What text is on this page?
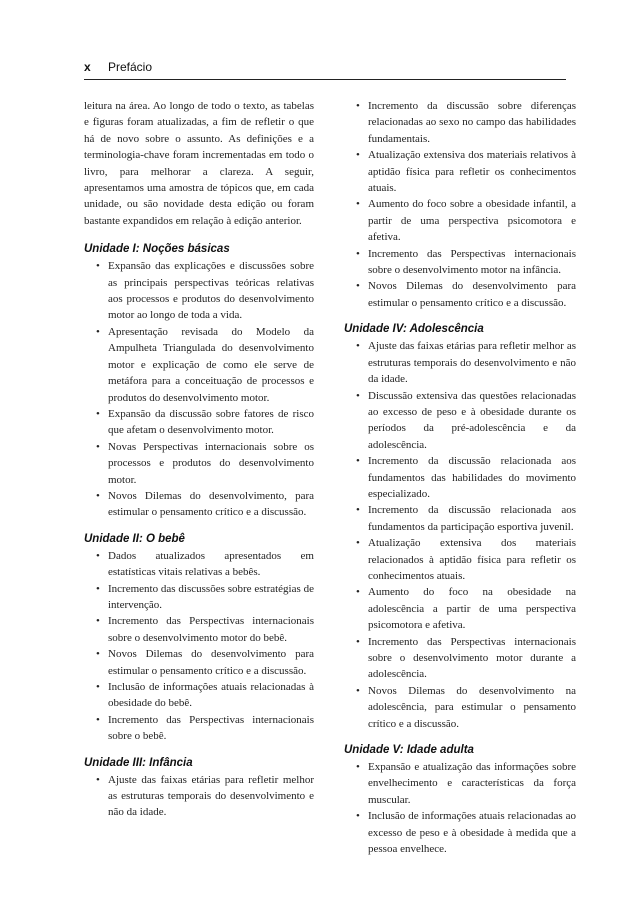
x Prefácio

leitura na área. Ao longo de todo o texto, as tabelas e figuras foram atualizadas, a fim de refletir o que há de novo sobre o assunto. As definições e a terminologia-chave foram incrementadas em todo o livro, para melhorar a clareza. A seguir, apresentamos uma amostra de tópicos que, em cada unidade, ou são novidade desta edição ou foram bastante expandidos em relação à edição anterior.

Unidade I: Noções básicas
• Expansão das explicações e discussões sobre as principais perspectivas teóricas relativas aos processos e produtos do desenvolvimento motor ao longo de toda a vida.
• Apresentação revisada do Modelo da Ampulheta Triangulada do desenvolvimento motor e explicação de como ele serve de metáfora para a conceituação de processos e produtos do desenvolvimento motor.
• Expansão da discussão sobre fatores de risco que afetam o desenvolvimento motor.
• Novas Perspectivas internacionais sobre os processos e produtos do desenvolvimento motor.
• Novos Dilemas do desenvolvimento, para estimular o pensamento crítico e a discussão.
Unidade II: O bebê
• Dados atualizados apresentados em estatísticas vitais relativas a bebês.
• Incremento das discussões sobre estratégias de intervenção.
• Incremento das Perspectivas internacionais sobre o desenvolvimento motor do bebê.
• Novos Dilemas do desenvolvimento para estimular o pensamento crítico e a discussão.
• Inclusão de informações atuais relacionadas à obesidade do bebê.
• Incremento das Perspectivas internacionais sobre o bebê.
Unidade III: Infância
• Ajuste das faixas etárias para refletir melhor as estruturas temporais do desenvolvimento e não da idade.
• Incremento da discussão sobre diferenças relacionadas ao sexo no campo das habilidades fundamentais.
• Atualização extensiva dos materiais relativos à aptidão física para refletir os conhecimentos atuais.
• Aumento do foco sobre a obesidade infantil, a partir de uma perspectiva psicomotora e afetiva.
• Incremento das Perspectivas internacionais sobre o desenvolvimento motor na infância.
• Novos Dilemas do desenvolvimento para estimular o pensamento crítico e a discussão.
Unidade IV: Adolescência
• Ajuste das faixas etárias para refletir melhor as estruturas temporais do desenvolvimento e não da idade.
• Discussão extensiva das questões relacionadas ao excesso de peso e à obesidade durante os períodos da pré-adolescência e da adolescência.
• Incremento da discussão relacionada aos fundamentos das habilidades do movimento especializado.
• Incremento da discussão relacionada aos fundamentos da participação esportiva juvenil.
• Atualização extensiva dos materiais relacionados à aptidão física para refletir os conhecimentos atuais.
• Aumento do foco na obesidade na adolescência a partir de uma perspectiva psicomotora e afetiva.
• Incremento das Perspectivas internacionais sobre o desenvolvimento motor durante a adolescência.
• Novos Dilemas do desenvolvimento na adolescência, para estimular o pensamento crítico e a discussão.
Unidade V: Idade adulta
• Expansão e atualização das informações sobre envelhecimento e características da força muscular.
• Inclusão de informações atuais relacionadas ao excesso de peso e à obesidade à medida que a pessoa envelhece.
